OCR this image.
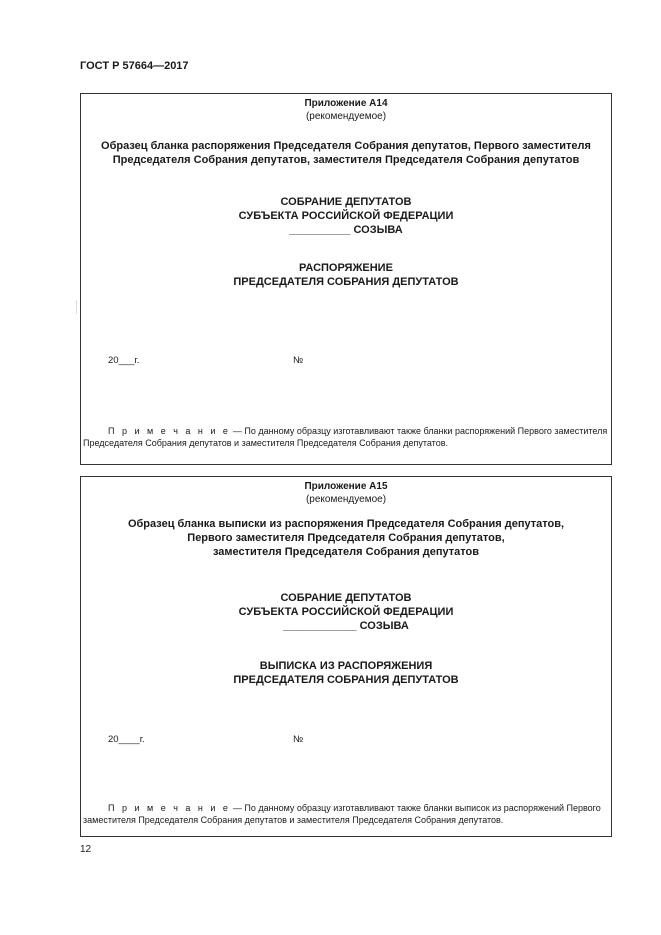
ГОСТ Р 57664—2017
Приложение А14
(рекомендуемое)
Образец бланка распоряжения Председателя Собрания депутатов, Первого заместителя
Председателя Собрания депутатов, заместителя Председателя Собрания депутатов
СОБРАНИЕ ДЕПУТАТОВ
СУБЪЕКТА РОССИЙСКОЙ ФЕДЕРАЦИИ
__________ СОЗЫВА
РАСПОРЯЖЕНИЕ
ПРЕДСЕДАТЕЛЯ СОБРАНИЯ ДЕПУТАТОВ
20___г.	№
П р и м е ч а н и е — По данному образцу изготавливают также бланки распоряжений Первого заместителя
Председателя Собрания депутатов и заместителя Председателя Собрания депутатов.
Приложение А15
(рекомендуемое)
Образец бланка выписки из распоряжения Председателя Собрания депутатов,
Первого заместителя Председателя Собрания депутатов,
заместителя Председателя Собрания депутатов
СОБРАНИЕ ДЕПУТАТОВ
СУБЪЕКТА РОССИЙСКОЙ ФЕДЕРАЦИИ
____________ СОЗЫВА
ВЫПИСКА ИЗ РАСПОРЯЖЕНИЯ
ПРЕДСЕДАТЕЛЯ СОБРАНИЯ ДЕПУТАТОВ
20____г.	№
П р и м е ч а н и е — По данному образцу изготавливают также бланки выписок из распоряжений Первого
заместителя Председателя Собрания депутатов и заместителя Председателя Собрания депутатов.
12
